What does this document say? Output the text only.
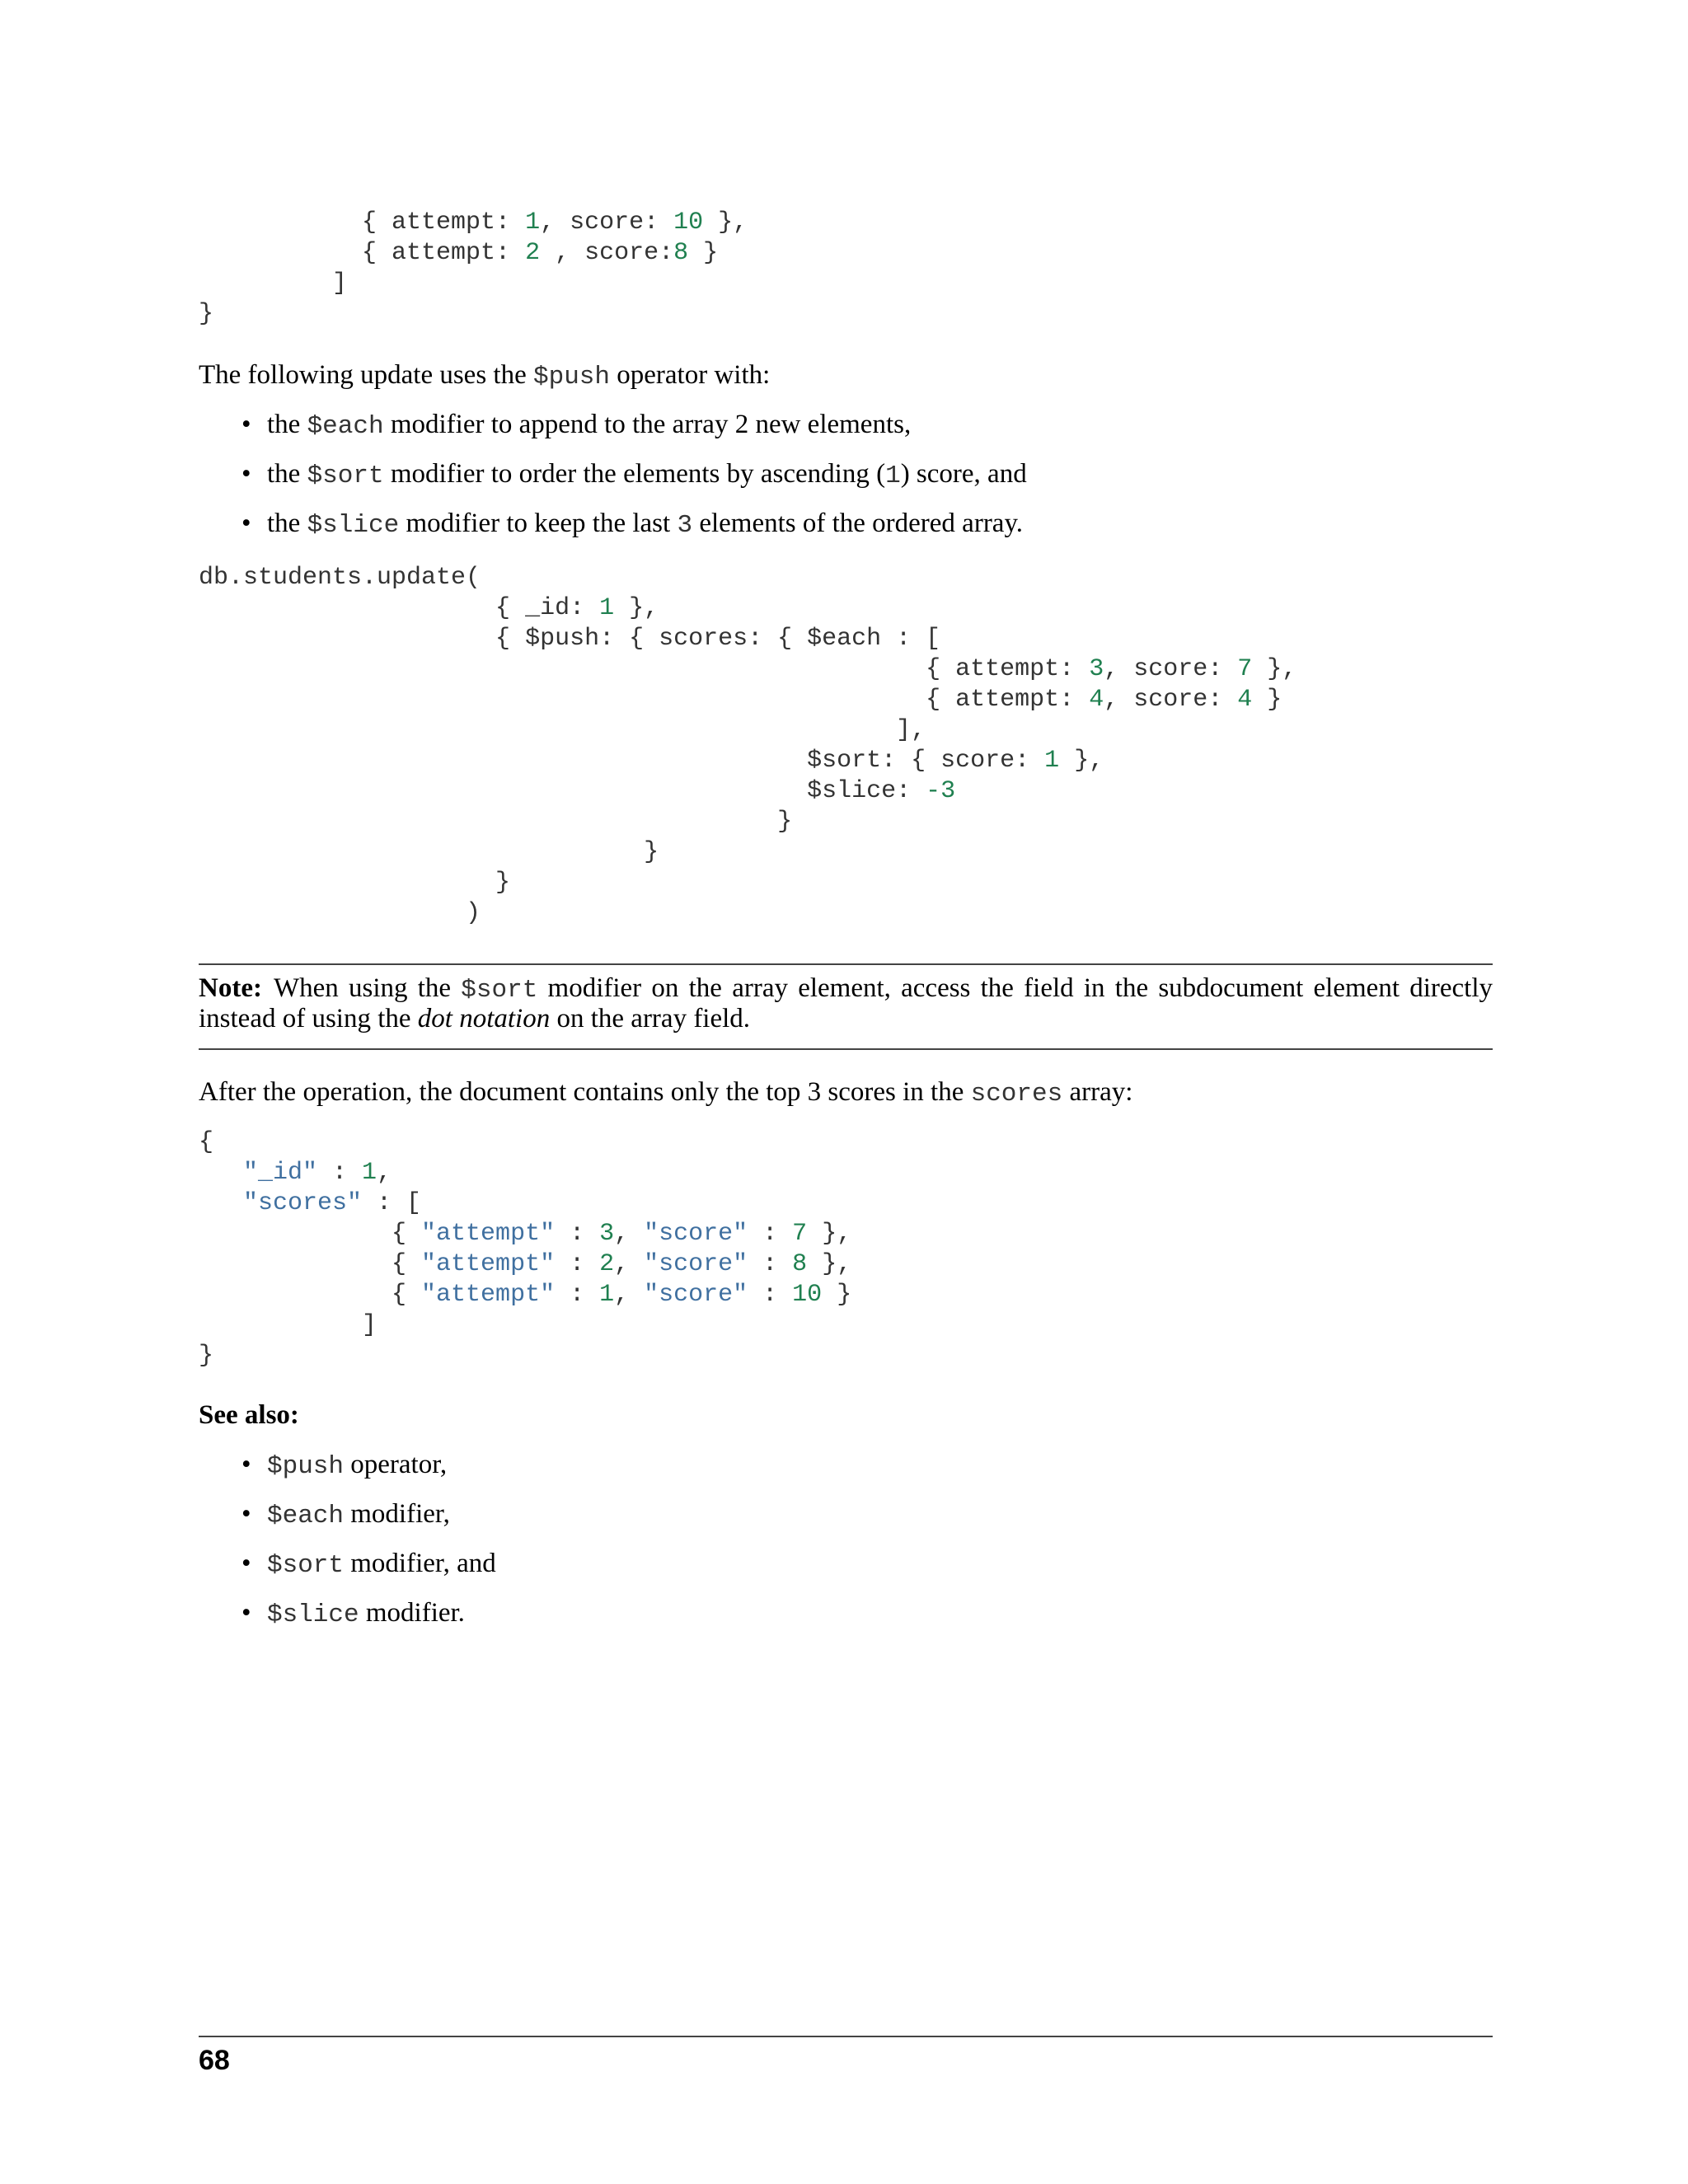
{ attempt: 1, score: 10 },
{ attempt: 2 , score:8 }
]
}

The following update uses the $push operator with:

• the $each modifier to append to the array 2 new elements,
• the $sort modifier to order the elements by ascending (1) score, and
• the $slice modifier to keep the last 3 elements of the ordered array.
db.students.update(
{ _id: 1 },
{ $push: { scores: { $each : [
{ attempt: 3, score: 7 },
{ attempt: 4, score: 4 }
],
$sort: { score: 1 },
$slice: -3
}
}
}
)
Note: When using the $sort modifier on the array element, access the field in the subdocument element directly instead of using the dot notation on the array field.

After the operation, the document contains only the top 3 scores in the scores array:

{
"_id" : 1,
"scores" : [
{ "attempt" : 3, "score" : 7 },
{ "attempt" : 2, "score" : 8 },
{ "attempt" : 1, "score" : 10 }
]
}
See also:
• $push operator,
• $each modifier,
• $sort modifier, and
• $slice modifier.
68
